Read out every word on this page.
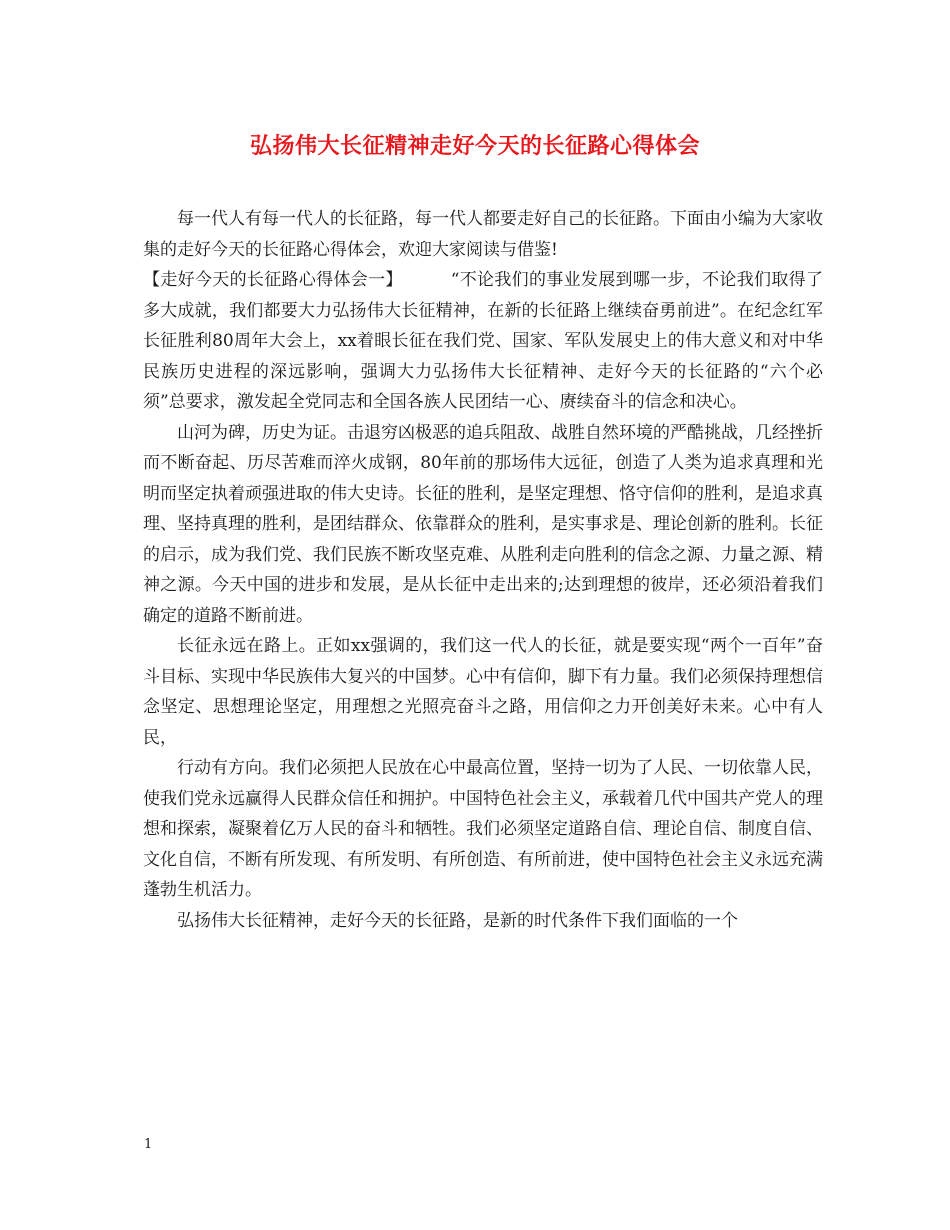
弘扬伟大长征精神走好今天的长征路心得体会

每一代人有每一代人的长征路，每一代人都要走好自己的长征路。下面由小编为大家收集的走好今天的长征路心得体会，欢迎大家阅读与借鉴!

【走好今天的长征路心得体会一】	“不论我们的事业发展到哪一步，不论我们取得了多大成就，我们都要大力弘扬伟大长征精神，在新的长征路上继续奋勇前进”。在纪念红军长征胜利80周年大会上，xx着眼长征在我们党、国家、军队发展史上的伟大意义和对中华民族历史进程的深远影响，强调大力弘扬伟大长征精神、走好今天的长征路的“六个必须”总要求，激发起全党同志和全国各族人民团结一心、赓续奋斗的信念和决心。

山河为碑，历史为证。击退穷凶极恶的追兵阻敌、战胜自然环境的严酷挑战，几经挫折而不断奋起、历尽苦难而淬火成钢，80年前的那场伟大远征，创造了人类为追求真理和光明而坚定执着顽强进取的伟大史诗。长征的胜利，是坚定理想、恪守信仰的胜利，是追求真理、坚持真理的胜利，是团结群众、依靠群众的胜利，是实事求是、理论创新的胜利。长征的启示，成为我们党、我们民族不断攻坚克难、从胜利走向胜利的信念之源、力量之源、精神之源。今天中国的进步和发展，是从长征中走出来的;达到理想的彼岸，还必须沿着我们确定的道路不断前进。

长征永远在路上。正如xx强调的，我们这一代人的长征，就是要实现“两个一百年”奋斗目标、实现中华民族伟大复兴的中国梦。心中有信仰，脚下有力量。我们必须保持理想信念坚定、思想理论坚定，用理想之光照亮奋斗之路，用信仰之力开创美好未来。心中有人民，

行动有方向。我们必须把人民放在心中最高位置，坚持一切为了人民、一切依靠人民，使我们党永远赢得人民群众信任和拥护。中国特色社会主义，承载着几代中国共产党人的理想和探索，凝聚着亿万人民的奋斗和牺牲。我们必须坚定道路自信、理论自信、制度自信、文化自信，不断有所发现、有所发明、有所创造、有所前进，使中国特色社会主义永远充满蓬勃生机活力。

弘扬伟大长征精神，走好今天的长征路，是新的时代条件下我们面临的一个

1
